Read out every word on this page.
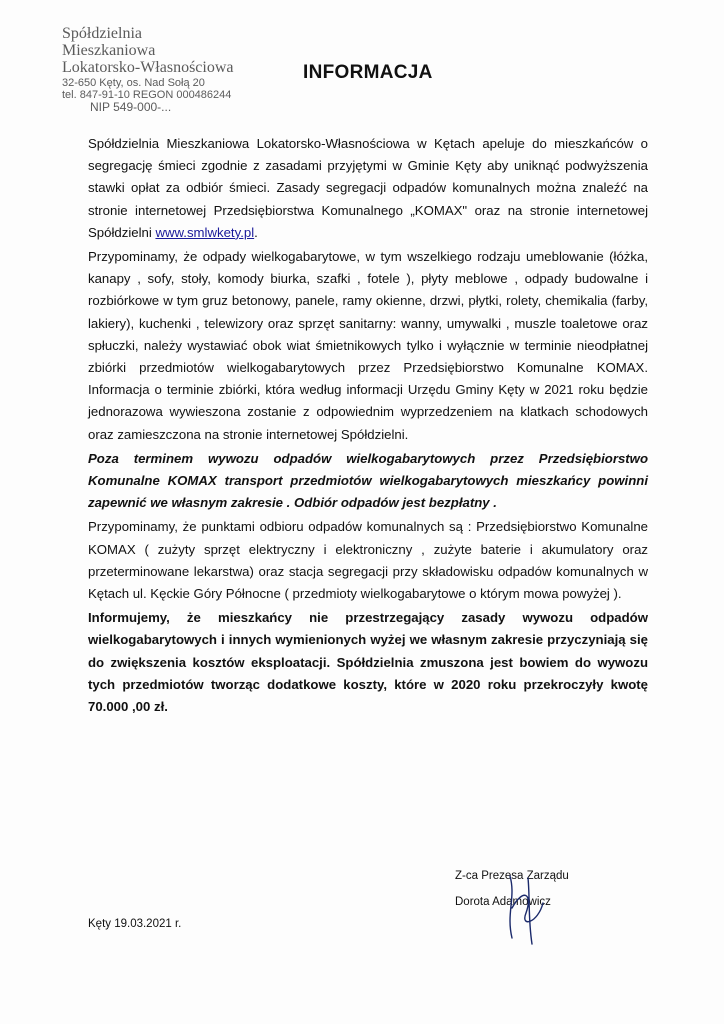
Spółdzielnia Mieszkaniowa
Lokatorsko-Własnościowa
32-650 Kęty, os. Nad Sołą 20
tel. 847-91-10 REGON 000486244
NIP 549-000-...
INFORMACJA

Spółdzielnia Mieszkaniowa Lokatorsko-Własnościowa w Kętach apeluje do mieszkańców o segregację śmieci zgodnie z zasadami przyjętymi w Gminie Kęty aby uniknąć podwyższenia stawki opłat za odbiór śmieci. Zasady segregacji odpadów komunalnych można znaleźć na stronie internetowej Przedsiębiorstwa Komunalnego „KOMAX" oraz na stronie internetowej Spółdzielni www.smlwkety.pl.

Przypominamy, że odpady wielkogabarytowe, w tym wszelkiego rodzaju umeblowanie (łóżka, kanapy , sofy, stoły, komody biurka, szafki , fotele ), płyty meblowe , odpady budowalne i rozbiórkowe w tym gruz betonowy, panele, ramy okienne, drzwi, płytki, rolety, chemikalia (farby, lakiery), kuchenki , telewizory oraz sprzęt sanitarny: wanny, umywalki , muszle toaletowe oraz spłuczki, należy wystawiać obok wiat śmietnikowych tylko i wyłącznie w terminie nieodpłatnej zbiórki przedmiotów wielkogabarytowych przez Przedsiębiorstwo Komunalne KOMAX. Informacja o terminie zbiórki, która według informacji Urzędu Gminy Kęty w 2021 roku będzie jednorazowa wywieszona zostanie z odpowiednim wyprzedzeniem na klatkach schodowych oraz zamieszczona na stronie internetowej Spółdzielni.

Poza terminem wywozu odpadów wielkogabarytowych przez Przedsiębiorstwo Komunalne KOMAX transport przedmiotów wielkogabarytowych mieszkańcy powinni zapewnić we własnym zakresie . Odbiór odpadów jest bezpłatny .

Przypominamy, że punktami odbioru odpadów komunalnych są : Przedsiębiorstwo Komunalne KOMAX ( zużyty sprzęt elektryczny i elektroniczny , zużyte baterie i akumulatory oraz przeterminowane lekarstwa) oraz stacja segregacji przy składowisku odpadów komunalnych w Kętach ul. Kęckie Góry Północne ( przedmioty wielkogabarytowe o którym mowa powyżej ).

Informujemy, że mieszkańcy nie przestrzegający zasady wywozu odpadów wielkogabarytowych i innych wymienionych wyżej we własnym zakresie przyczyniają się do zwiększenia kosztów eksploatacji. Spółdzielnia zmuszona jest bowiem do wywozu tych przedmiotów tworząc dodatkowe koszty, które w 2020 roku przekroczyły kwotę 70.000 ,00 zł.

Z-ca Prezesa Zarządu
Dorota Adamowicz
Kęty 19.03.2021 r.
